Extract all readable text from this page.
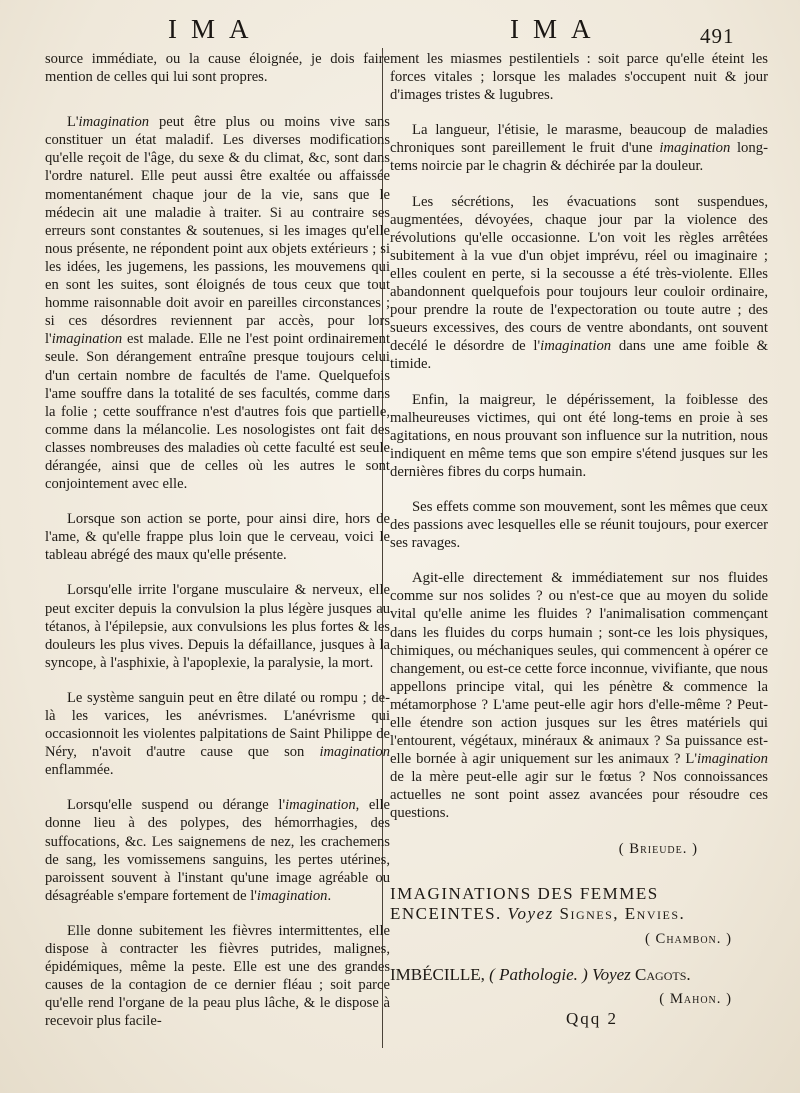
IMA	IMA	491

source immédiate, ou la cause éloignée, je dois faire mention de celles qui lui sont propres.

L'imagination peut être plus ou moins vive sans constituer un état maladif. Les diverses modifications qu'elle reçoit de l'âge, du sexe & du climat, &c, sont dans l'ordre naturel. Elle peut aussi être exaltée ou affaissée momentanément chaque jour de la vie, sans que le médecin ait une maladie à traiter. Si au contraire ses erreurs sont constantes & soutenues, si les images qu'elle nous présente, ne répondent point aux objets extérieurs ; si les idées, les jugemens, les passions, les mouvemens qui en sont les suites, sont éloignés de tous ceux que tout homme raisonnable doit avoir en pareilles circonstances ; si ces désordres reviennent par accès, pour lors l'imagination est malade. Elle ne l'est point ordinairement seule. Son dérangement entraîne presque toujours celui d'un certain nombre de facultés de l'ame. Quelquefois l'ame souffre dans la totalité de ses facultés, comme dans la folie ; cette souffrance n'est d'autres fois que partielle, comme dans la mélancolie. Les nosologistes ont fait des classes nombreuses des maladies où cette faculté est seule dérangée, ainsi que de celles où les autres le sont conjointement avec elle.

Lorsque son action se porte, pour ainsi dire, hors de l'ame, & qu'elle frappe plus loin que le cerveau, voici le tableau abrégé des maux qu'elle présente.

Lorsqu'elle irrite l'organe musculaire & nerveux, elle peut exciter depuis la convulsion la plus légère jusques au tétanos, à l'épilepsie, aux convulsions les plus fortes & les douleurs les plus vives. Depuis la défaillance, jusques à la syncope, à l'asphixie, à l'apoplexie, la paralysie, la mort.

Le système sanguin peut en être dilaté ou rompu ; de-là les varices, les anévrismes. L'anévrisme qui occasionnoit les violentes palpitations de Saint Philippe de Néry, n'avoit d'autre cause que son imagination enflammée.

Lorsqu'elle suspend ou dérange l'imagination, elle donne lieu à des polypes, des hémorrhagies, des suffocations, &c. Les saignemens de nez, les crachemens de sang, les vomissemens sanguins, les pertes utérines, paroissent souvent à l'instant qu'une image agréable ou désagréable s'empare fortement de l'imagination.

Elle donne subitement les fièvres intermittentes, elle dispose à contracter les fièvres putrides, malignes, épidémiques, même la peste. Elle est une des grandes causes de la contagion de ce dernier fléau ; soit parce qu'elle rend l'organe de la peau plus lâche, & le dispose à recevoir plus facile-

ment les miasmes pestilentiels : soit parce qu'elle éteint les forces vitales ; lorsque les malades s'occupent nuit & jour d'images tristes & lugubres.

La langueur, l'étisie, le marasme, beaucoup de maladies chroniques sont pareillement le fruit d'une imagination long-tems noircie par le chagrin & déchirée par la douleur.

Les sécrétions, les évacuations sont suspendues, augmentées, dévoyées, chaque jour par la violence des révolutions qu'elle occasionne. L'on voit les règles arrêtées subitement à la vue d'un objet imprévu, réel ou imaginaire ; elles coulent en perte, si la secousse a été très-violente. Elles abandonnent quelquefois pour toujours leur couloir ordinaire, pour prendre la route de l'expectoration ou toute autre ; des sueurs excessives, des cours de ventre abondants, ont souvent decélé le désordre de l'imagination dans une ame foible & timide.

Enfin, la maigreur, le dépérissement, la foiblesse des malheureuses victimes, qui ont été long-tems en proie à ses agitations, en nous prouvant son influence sur la nutrition, nous indiquent en même tems que son empire s'étend jusques sur les dernières fibres du corps humain.

Ses effets comme son mouvement, sont les mêmes que ceux des passions avec lesquelles elle se réunit toujours, pour exercer ses ravages.

Agit-elle directement & immédiatement sur nos fluides comme sur nos solides ? ou n'est-ce que au moyen du solide vital qu'elle anime les fluides ? l'animalisation commençant dans les fluides du corps humain ; sont-ce les lois physiques, chimiques, ou méchaniques seules, qui commencent à opérer ce changement, ou est-ce cette force inconnue, vivifiante, que nous appellons principe vital, qui les pénètre & commence la métamorphose ? L'ame peut-elle agir hors d'elle-même ? Peut-elle étendre son action jusques sur les êtres matériels qui l'entourent, végétaux, minéraux & animaux ? Sa puissance est-elle bornée à agir uniquement sur les animaux ? L'imagination de la mère peut-elle agir sur le fœtus ? Nos connoissances actuelles ne sont point assez avancées pour résoudre ces questions.

( Brieude. )
IMAGINATIONS DES FEMMES ENCEINTES. Voyez Signes, Envies.
( Chambon. )
IMBÉCILLE, ( Pathologie. ) Voyez Cagots.
( Mahon. )
Qqq 2
